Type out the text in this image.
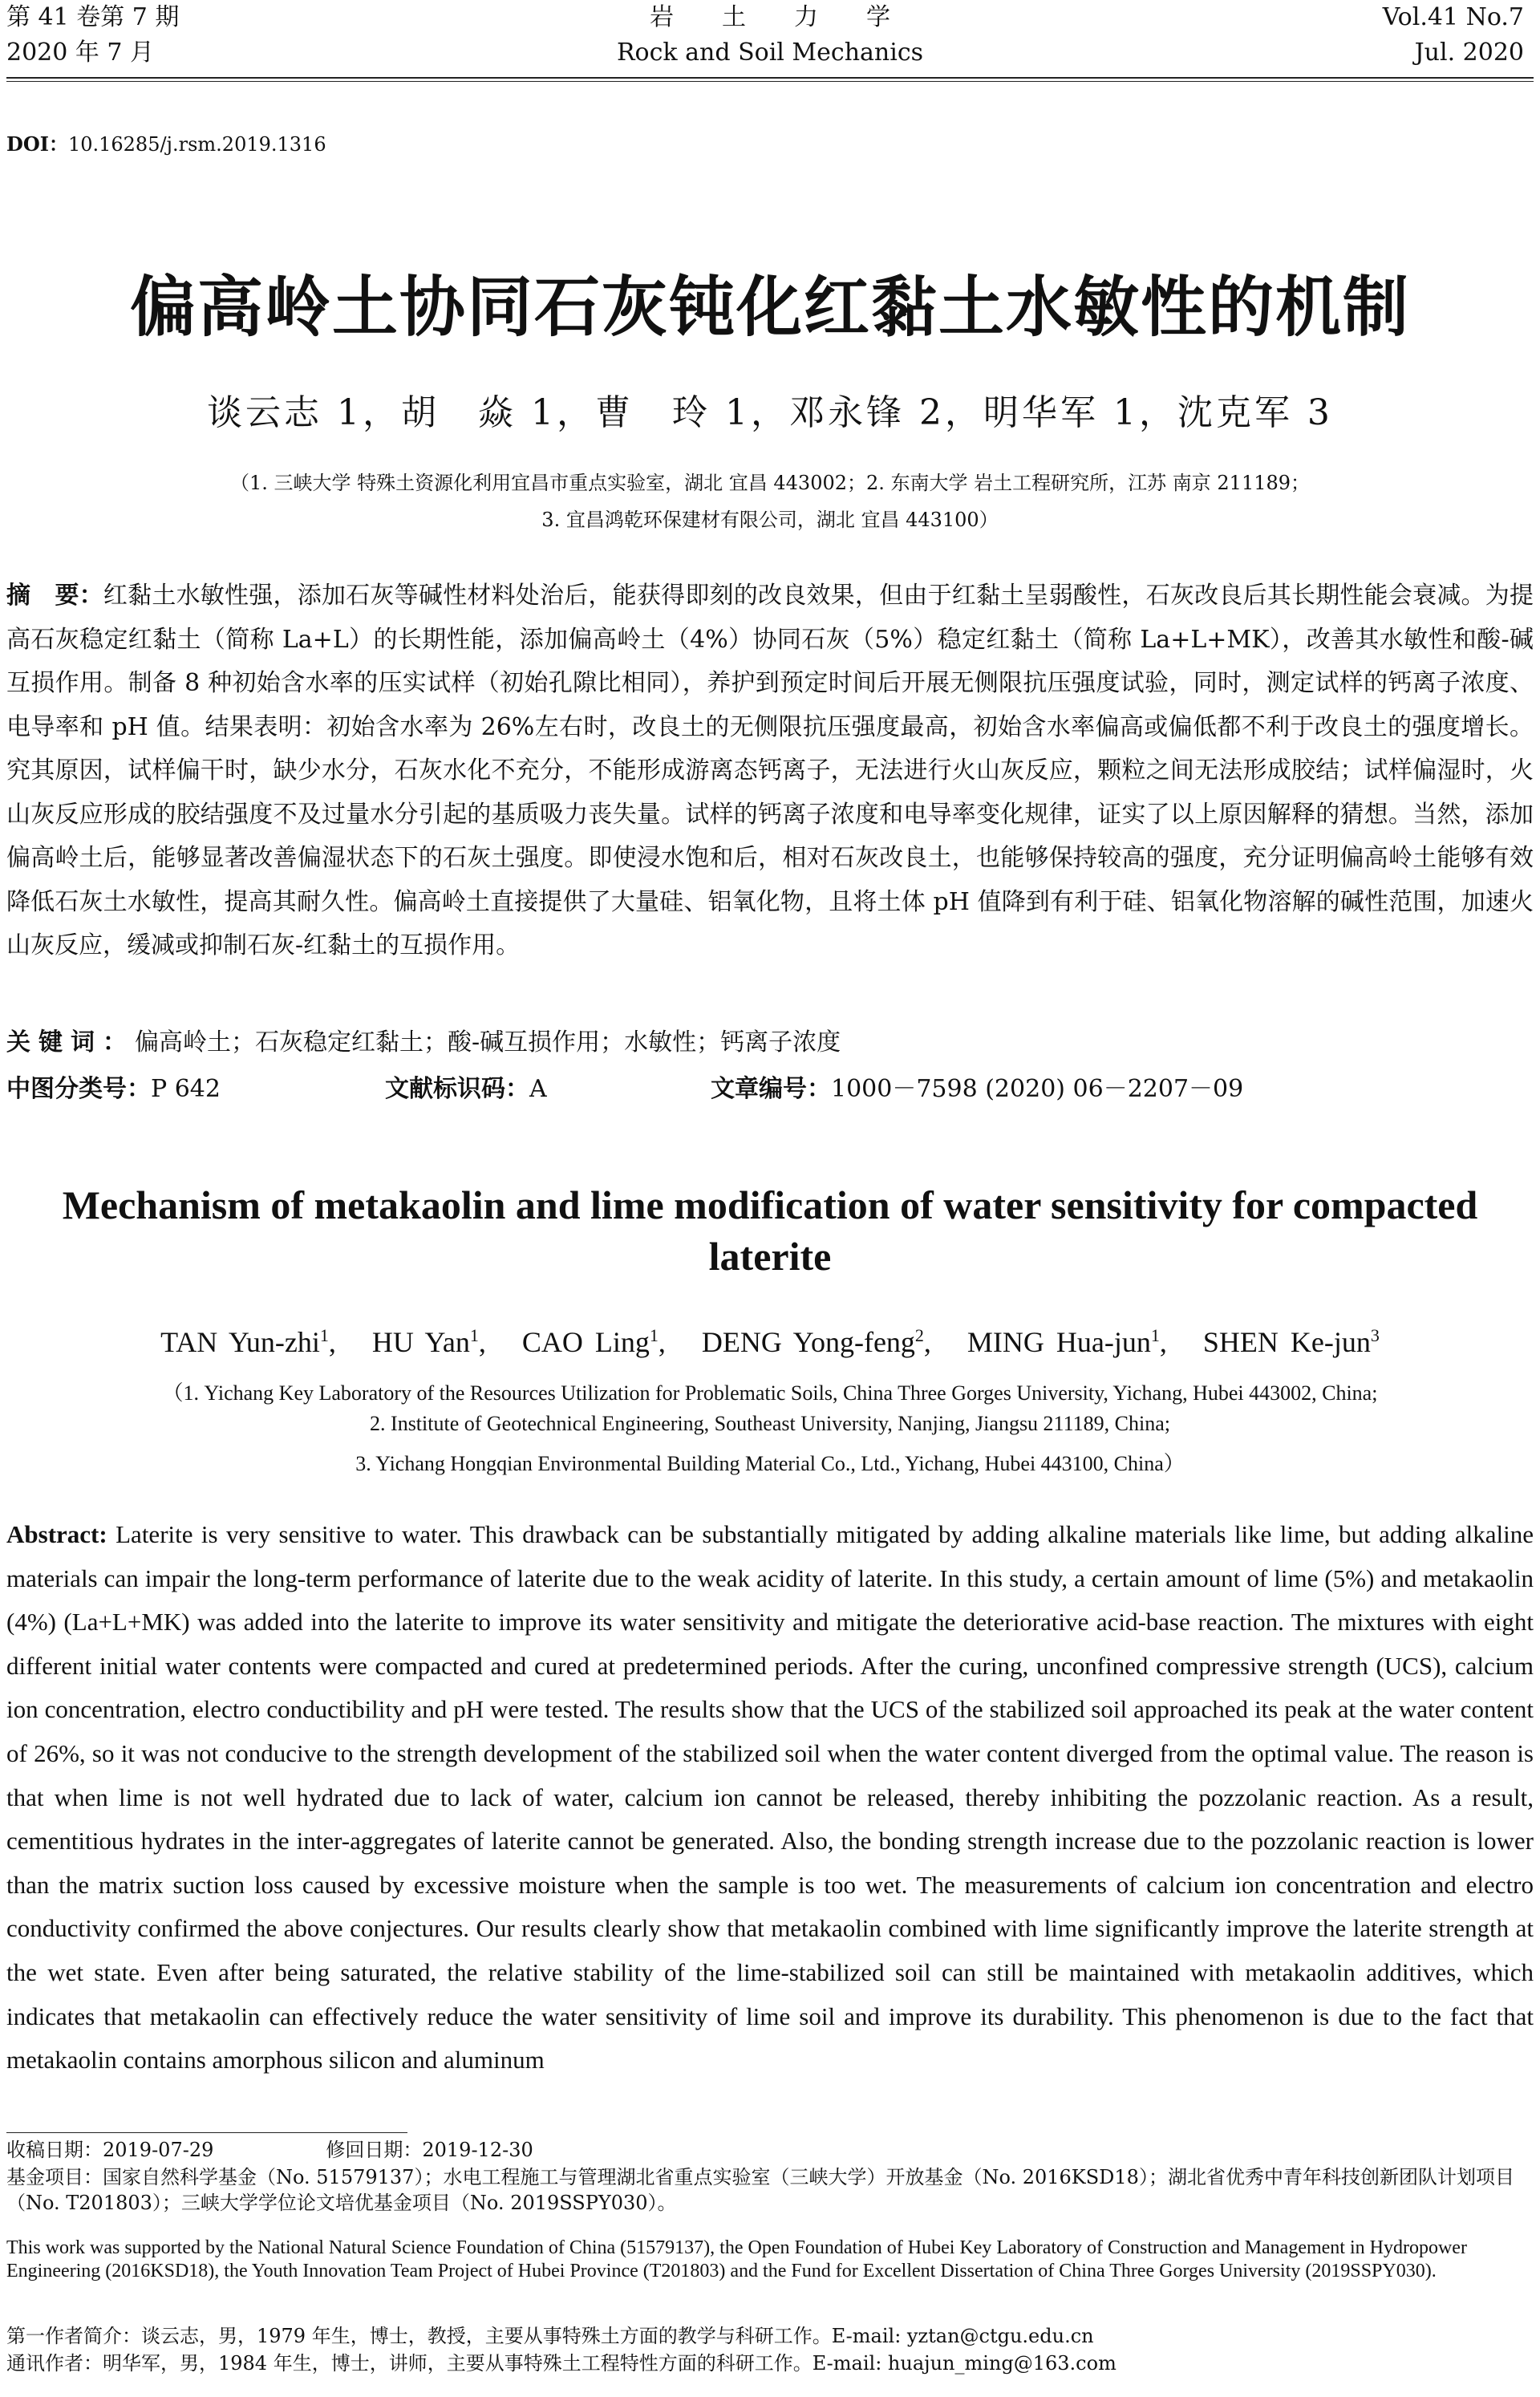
第 41 卷第 7 期
2020 年 7 月
岩　　土　　力　　学
Rock and Soil Mechanics
Vol.41 No.7
Jul. 2020
DOI：10.16285/j.rsm.2019.1316
偏高岭土协同石灰钝化红黏土水敏性的机制
谈云志 1，胡　焱 1，曹　玲 1，邓永锋 2，明华军 1，沈克军 3
（1. 三峡大学 特殊土资源化利用宜昌市重点实验室，湖北 宜昌 443002；2. 东南大学 岩土工程研究所，江苏 南京 211189；
3. 宜昌鸿乾环保建材有限公司，湖北 宜昌 443100）
摘　要：红黏土水敏性强，添加石灰等碱性材料处治后，能获得即刻的改良效果，但由于红黏土呈弱酸性，石灰改良后其长期性能会衰减。为提高石灰稳定红黏土（简称 La+L）的长期性能，添加偏高岭土（4%）协同石灰（5%）稳定红黏土（简称 La+L+MK），改善其水敏性和酸-碱互损作用。制备 8 种初始含水率的压实试样（初始孔隙比相同），养护到预定时间后开展无侧限抗压强度试验，同时，测定试样的钙离子浓度、电导率和 pH 值。结果表明：初始含水率为 26%左右时，改良土的无侧限抗压强度最高，初始含水率偏高或偏低都不利于改良土的强度增长。究其原因，试样偏干时，缺少水分，石灰水化不充分，不能形成游离态钙离子，无法进行火山灰反应，颗粒之间无法形成胶结；试样偏湿时，火山灰反应形成的胶结强度不及过量水分引起的基质吸力丧失量。试样的钙离子浓度和电导率变化规律，证实了以上原因解释的猜想。当然，添加偏高岭土后，能够显著改善偏湿状态下的石灰土强度。即使浸水饱和后，相对石灰改良土，也能够保持较高的强度，充分证明偏高岭土能够有效降低石灰土水敏性，提高其耐久性。偏高岭土直接提供了大量硅、铝氧化物，且将土体 pH 值降到有利于硅、铝氧化物溶解的碱性范围，加速火山灰反应，缓减或抑制石灰-红黏土的互损作用。
关键词：偏高岭土；石灰稳定红黏土；酸-碱互损作用；水敏性；钙离子浓度
中图分类号：P 642	文献标识码：A	文章编号：1000－7598 (2020) 06－2207－09
Mechanism of metakaolin and lime modification of water sensitivity for compacted laterite
TAN Yun-zhi$^1$,   HU Yan$^1$,   CAO Ling$^1$,   DENG Yong-feng$^2$,   MING Hua-jun$^1$,   SHEN Ke-jun$^3$
（1. Yichang Key Laboratory of the Resources Utilization for Problematic Soils, China Three Gorges University, Yichang, Hubei 443002, China;
2. Institute of Geotechnical Engineering, Southeast University, Nanjing, Jiangsu 211189, China;
3. Yichang Hongqian Environmental Building Material Co., Ltd., Yichang, Hubei 443100, China）
Abstract: Laterite is very sensitive to water. This drawback can be substantially mitigated by adding alkaline materials like lime, but adding alkaline materials can impair the long-term performance of laterite due to the weak acidity of laterite. In this study, a certain amount of lime (5%) and metakaolin (4%) (La+L+MK) was added into the laterite to improve its water sensitivity and mitigate the deteriorative acid-base reaction. The mixtures with eight different initial water contents were compacted and cured at predetermined periods. After the curing, unconfined compressive strength (UCS), calcium ion concentration, electro conductibility and pH were tested. The results show that the UCS of the stabilized soil approached its peak at the water content of 26%, so it was not conducive to the strength development of the stabilized soil when the water content diverged from the optimal value. The reason is that when lime is not well hydrated due to lack of water, calcium ion cannot be released, thereby inhibiting the pozzolanic reaction. As a result, cementitious hydrates in the inter-aggregates of laterite cannot be generated. Also, the bonding strength increase due to the pozzolanic reaction is lower than the matrix suction loss caused by excessive moisture when the sample is too wet. The measurements of calcium ion concentration and electro conductivity confirmed the above conjectures. Our results clearly show that metakaolin combined with lime significantly improve the laterite strength at the wet state. Even after being saturated, the relative stability of the lime-stabilized soil can still be maintained with metakaolin additives, which indicates that metakaolin can effectively reduce the water sensitivity of lime soil and improve its durability. This phenomenon is due to the fact that metakaolin contains amorphous silicon and aluminum
收稿日期：2019-07-29	修回日期：2019-12-30
基金项目：国家自然科学基金（No. 51579137）；水电工程施工与管理湖北省重点实验室（三峡大学）开放基金（No. 2016KSD18）；湖北省优秀中青年科技创新团队计划项目（No. T201803）；三峡大学学位论文培优基金项目（No. 2019SSPY030）。
This work was supported by the National Natural Science Foundation of China (51579137), the Open Foundation of Hubei Key Laboratory of Construction and Management in Hydropower Engineering (2016KSD18), the Youth Innovation Team Project of Hubei Province (T201803) and the Fund for Excellent Dissertation of China Three Gorges University (2019SSPY030).
第一作者简介：谈云志，男，1979 年生，博士，教授，主要从事特殊土方面的教学与科研工作。E-mail: yztan@ctgu.edu.cn
通讯作者：明华军，男，1984 年生，博士，讲师，主要从事特殊土工程特性方面的科研工作。E-mail: huajun_ming@163.com
